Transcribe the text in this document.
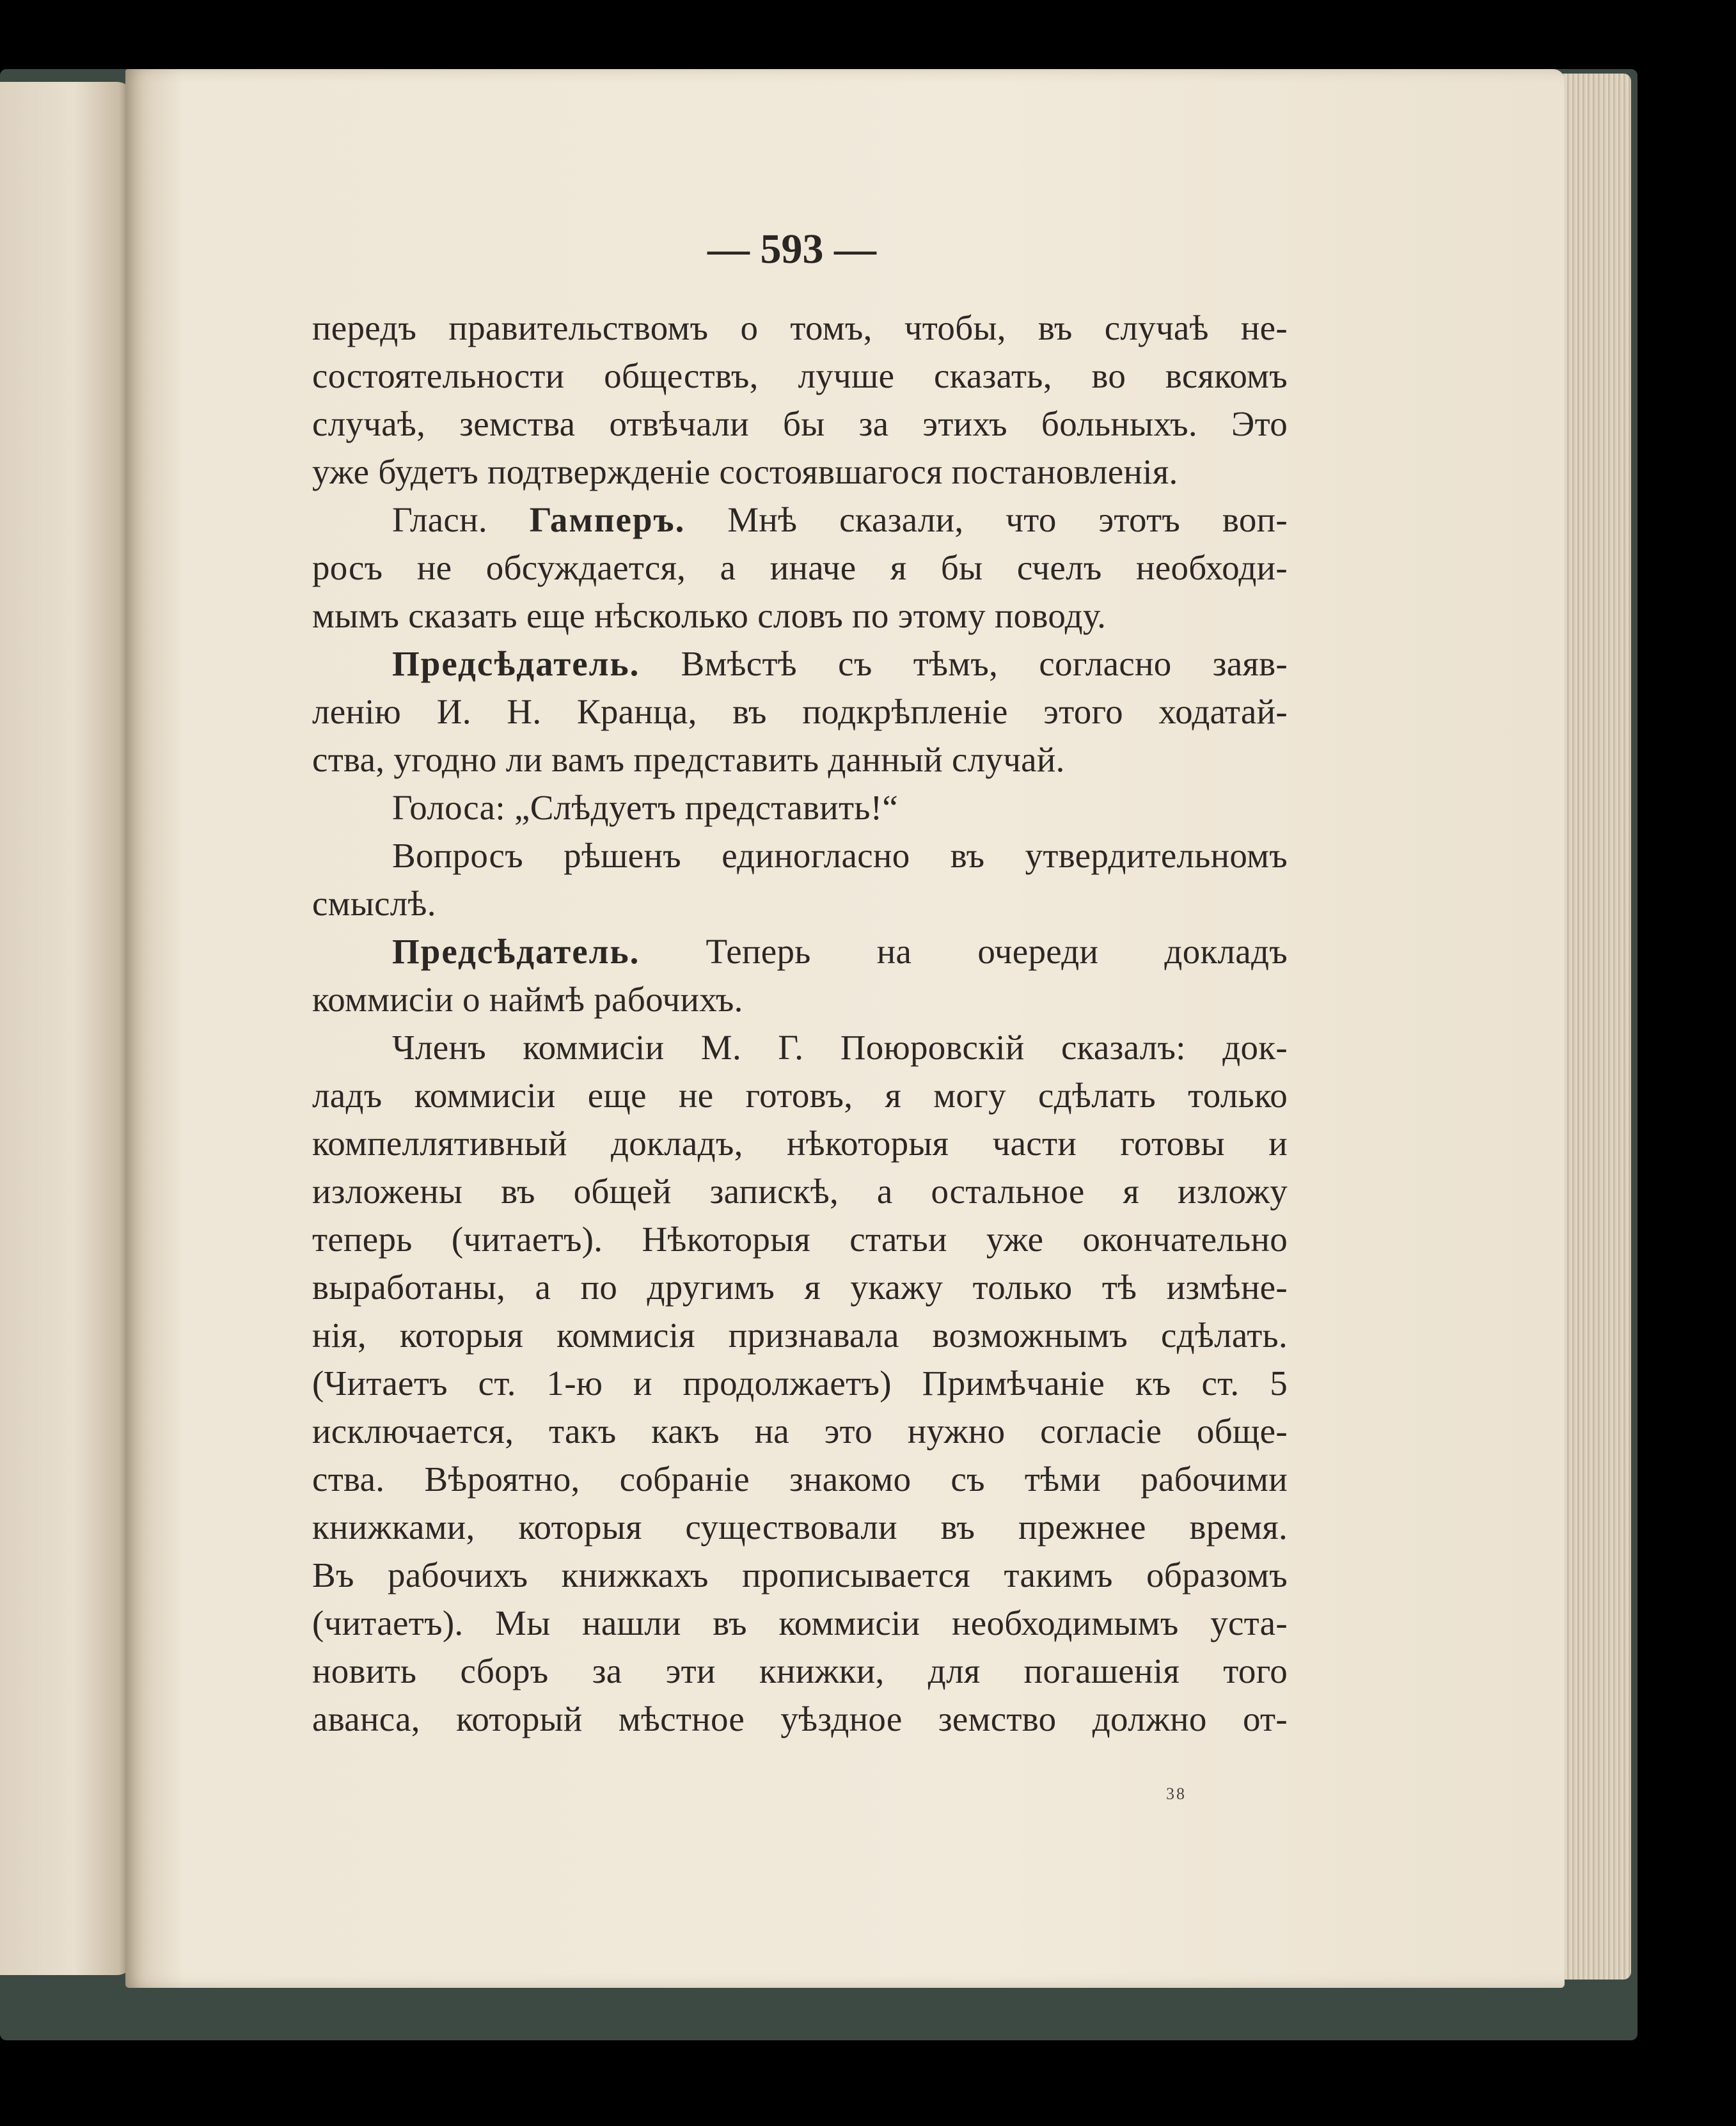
— 593 —
передъ правительствомъ о томъ, чтобы, въ случаѣ не-
состоятельности обществъ, лучше сказать, во всякомъ
случаѣ, земства отвѣчали бы за этихъ больныхъ. Это
уже будетъ подтвержденіе состоявшагося постановленія.
Гласн. Гамперъ. Мнѣ сказали, что этотъ воп-
росъ не обсуждается, а иначе я бы счелъ необходи-
мымъ сказать еще нѣсколько словъ по этому поводу.
Предсѣдатель. Вмѣстѣ съ тѣмъ, согласно заяв-
ленію И. Н. Кранца, въ подкрѣпленіе этого ходатай-
ства, угодно ли вамъ представить данный случай.
Голоса: „Слѣдуетъ представить!“
Вопросъ рѣшенъ единогласно въ утвердительномъ
смыслѣ.
Предсѣдатель. Теперь на очереди докладъ
коммисіи о наймѣ рабочихъ.
Членъ коммисіи М. Г. Поюровскій сказалъ: док-
ладъ коммисіи еще не готовъ, я могу сдѣлать только
компеллятивный докладъ, нѣкоторыя части готовы и
изложены въ общей запискѣ, а остальное я изложу
теперь (читаетъ). Нѣкоторыя статьи уже окончательно
выработаны, а по другимъ я укажу только тѣ измѣне-
нія, которыя коммисія признавала возможнымъ сдѣлать.
(Читаетъ ст. 1-ю и продолжаетъ) Примѣчаніе къ ст. 5
исключается, такъ какъ на это нужно согласіе обще-
ства. Вѣроятно, собраніе знакомо съ тѣми рабочими
книжками, которыя существовали въ прежнее время.
Въ рабочихъ книжкахъ прописывается такимъ образомъ
(читаетъ). Мы нашли въ коммисіи необходимымъ уста-
новить сборъ за эти книжки, для погашенія того
аванса, который мѣстное уѣздное земство должно от-
38
